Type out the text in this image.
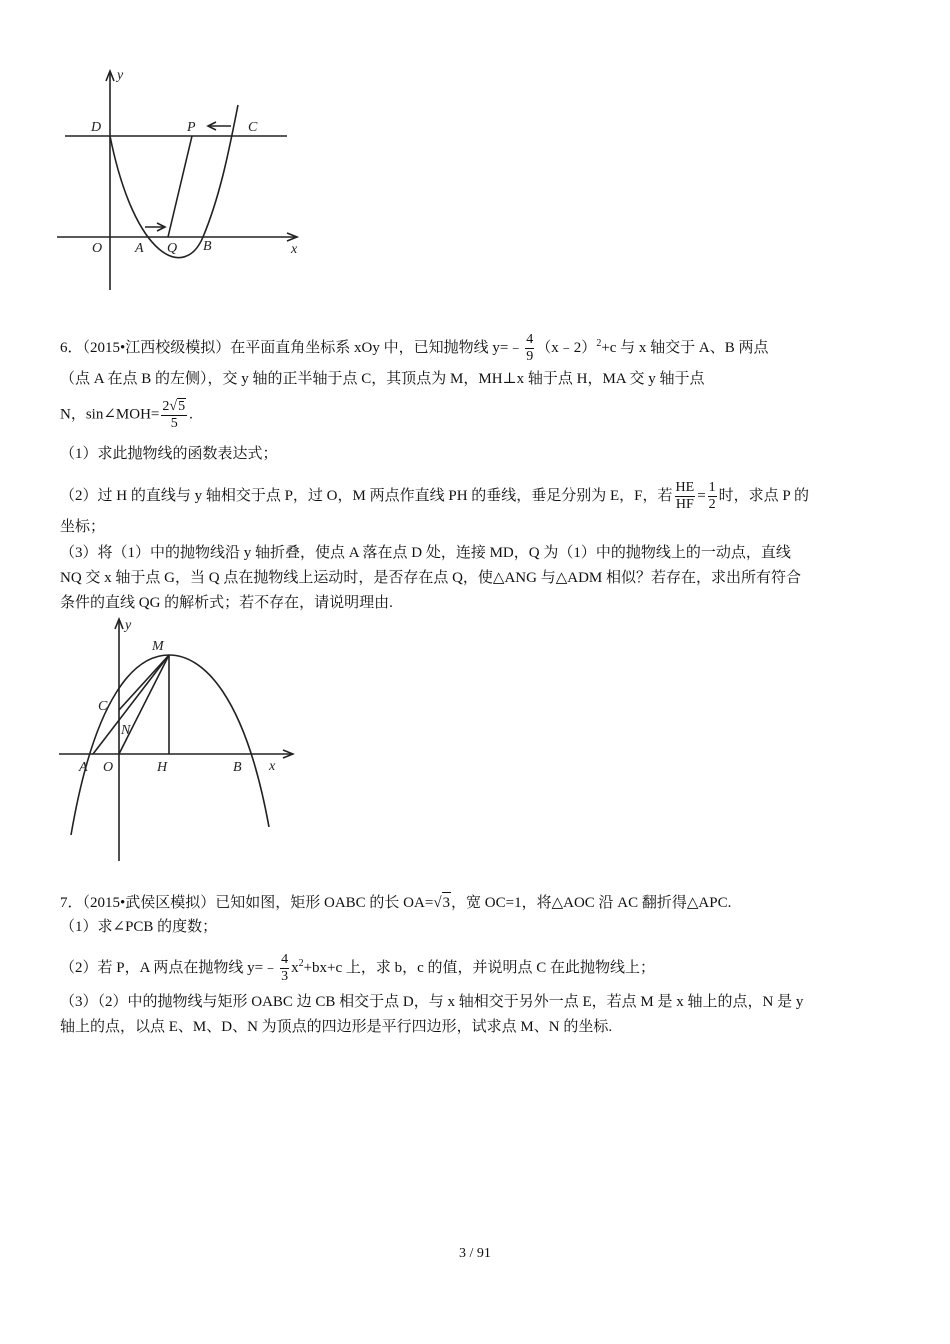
y
x
O
D	P	C
A Q B
6．（2015•江西校级模拟）在平面直角坐标系 xOy 中，已知抛物线 y=﹣ $\frac{4}{9}$ （x﹣2）$^2$+c 与 x 轴交于 A、B 两点
（点 A 在点 B 的左侧），交 y 轴的正半轴于点 C，其顶点为 M，MH⊥x 轴于点 H，MA 交 y 轴于点
N，sin∠MOH= $\frac{2√5}{5}$ .
（1）求此抛物线的函数表达式；
（2）过 H 的直线与 y 轴相交于点 P，过 O，M 两点作直线 PH 的垂线，垂足分别为 E，F，若 $\frac{HE}{HF} = \frac{1}{2}$ 时，求点 P 的
坐标；
（3）将（1）中的抛物线沿 y 轴折叠，使点 A 落在点 D 处，连接 MD，Q 为（1）中的抛物线上的一动点，直线
NQ 交 x 轴于点 G，当 Q 点在抛物线上运动时，是否存在点 Q，使△ANG 与△ADM 相似？若存在，求出所有符合
条件的直线 QG 的解析式；若不存在，请说明理由.
y
x
M
C
N
A O	H	B
7．（2015•武侯区模拟）已知如图，矩形 OABC 的长 OA=√3，宽 OC=1，将△AOC 沿 AC 翻折得△APC.
（1）求∠PCB 的度数；
（2）若 P，A 两点在抛物线 y=﹣ $\frac{4}{3} x^2+bx+c$ 上，求 b，c 的值，并说明点 C 在此抛物线上；
（3）（2）中的抛物线与矩形 OABC 边 CB 相交于点 D，与 x 轴相交于另外一点 E，若点 M 是 x 轴上的点，N 是 y
轴上的点，以点 E、M、D、N 为顶点的四边形是平行四边形，试求点 M、N 的坐标.
3 / 91
